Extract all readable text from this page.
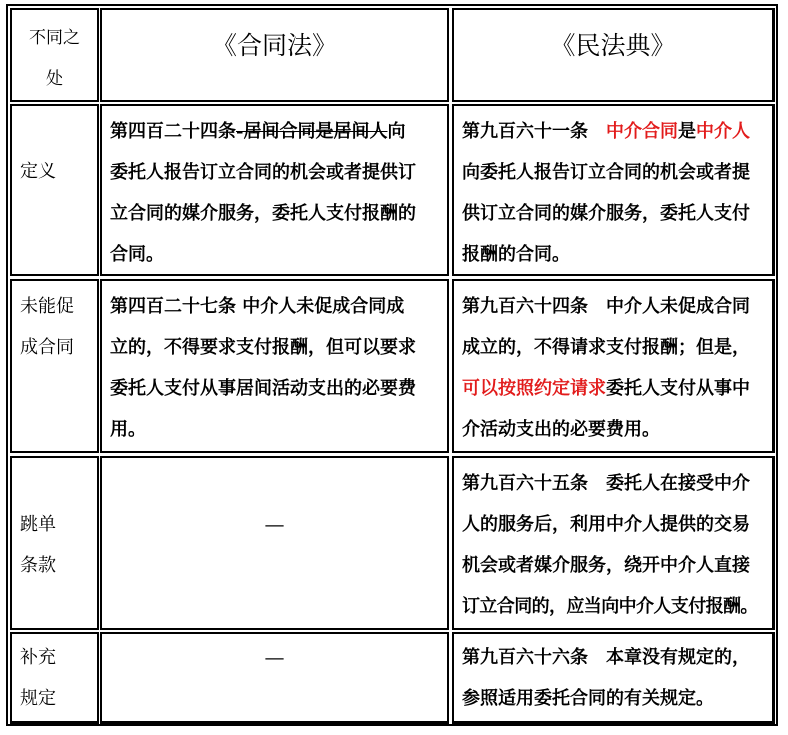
不同之
处
《合同法》	《民法典》
定义
第四百二十四条-居间合同是居间人向
委托人报告订立合同的机会或者提供订
立合同的媒介服务，委托人支付报酬的
合同。
第九百六十一条　中介合同是中介人
向委托人报告订立合同的机会或者提
供订立合同的媒介服务，委托人支付
报酬的合同。
未能促
成合同
第四百二十七条 中介人未促成合同成
立的，不得要求支付报酬，但可以要求
委托人支付从事居间活动支出的必要费
用。
第九百六十四条　中介人未促成合同
成立的，不得请求支付报酬；但是，
可以按照约定请求委托人支付从事中
介活动支出的必要费用。
跳单
条款
—
第九百六十五条　委托人在接受中介
人的服务后，利用中介人提供的交易
机会或者媒介服务，绕开中介人直接
订立合同的，应当向中介人支付报酬。
补充
规定
—	第九百六十六条　本章没有规定的，
参照适用委托合同的有关规定。
